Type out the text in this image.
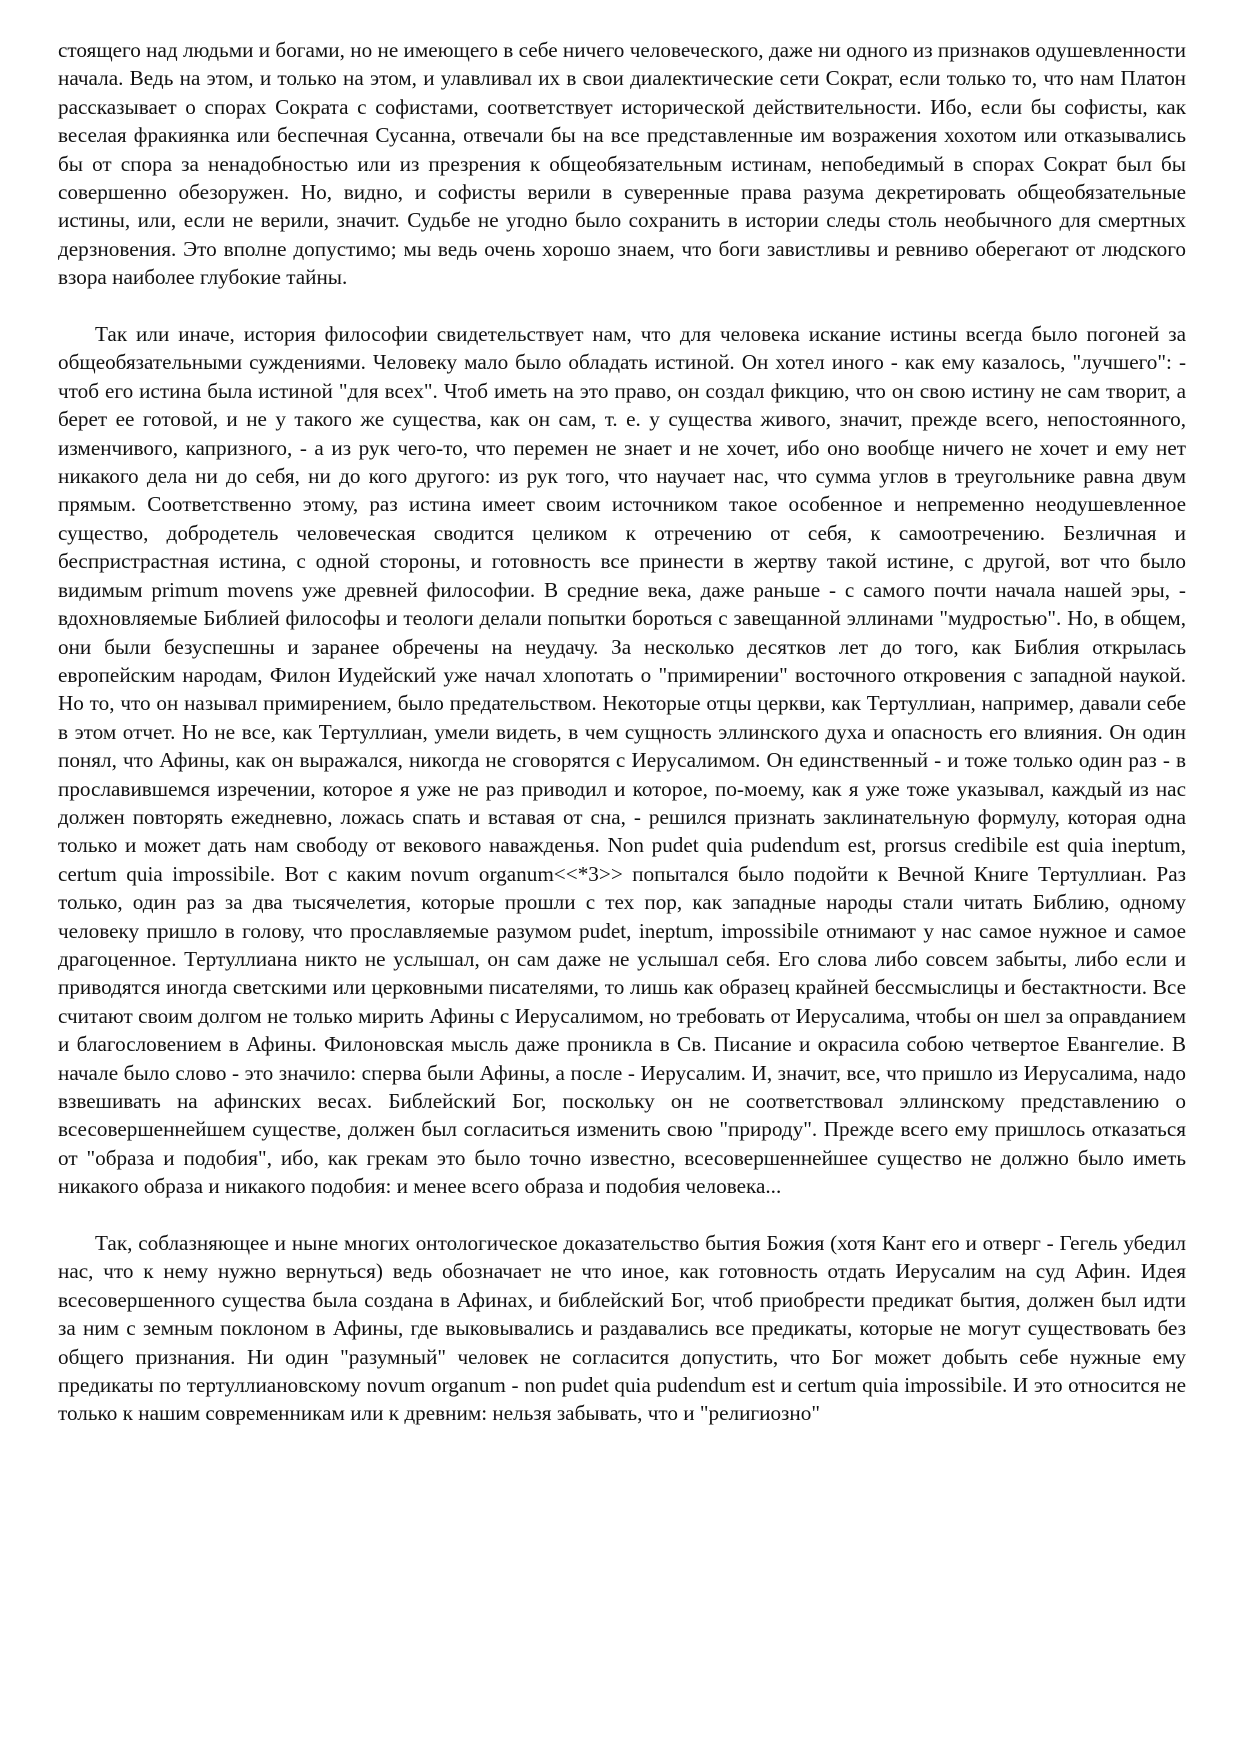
стоящего над людьми и богами, но не имеющего в себе ничего человеческого, даже ни одного из признаков одушевленности начала. Ведь на этом, и только на этом, и улавливал их в свои диалектические сети Сократ, если только то, что нам Платон рассказывает о спорах Сократа с софистами, соответствует исторической действительности. Ибо, если бы софисты, как веселая фракиянка или беспечная Сусанна, отвечали бы на все представленные им возражения хохотом или отказывались бы от спора за ненадобностью или из презрения к общеобязательным истинам, непобедимый в спорах Сократ был бы совершенно обезоружен. Но, видно, и софисты верили в суверенные права разума декретировать общеобязательные истины, или, если не верили, значит. Судьбе не угодно было сохранить в истории следы столь необычного для смертных дерзновения. Это вполне допустимо; мы ведь очень хорошо знаем, что боги завистливы и ревниво оберегают от людского взора наиболее глубокие тайны.

Так или иначе, история философии свидетельствует нам, что для человека искание истины всегда было погоней за общеобязательными суждениями. Человеку мало было обладать истиной. Он хотел иного - как ему казалось, "лучшего": - чтоб его истина была истиной "для всех". Чтоб иметь на это право, он создал фикцию, что он свою истину не сам творит, а берет ее готовой, и не у такого же существа, как он сам, т. е. у существа живого, значит, прежде всего, непостоянного, изменчивого, капризного, - а из рук чего-то, что перемен не знает и не хочет, ибо оно вообще ничего не хочет и ему нет никакого дела ни до себя, ни до кого другого: из рук того, что научает нас, что сумма углов в треугольнике равна двум прямым. Соответственно этому, раз истина имеет своим источником такое особенное и непременно неодушевленное существо, добродетель человеческая сводится целиком к отречению от себя, к самоотречению. Безличная и беспристрастная истина, с одной стороны, и готовность все принести в жертву такой истине, с другой, вот что было видимым primum movens уже древней философии. В средние века, даже раньше - с самого почти начала нашей эры, - вдохновляемые Библией философы и теологи делали попытки бороться с завещанной эллинами "мудростью". Но, в общем, они были безуспешны и заранее обречены на неудачу. За несколько десятков лет до того, как Библия открылась европейским народам, Филон Иудейский уже начал хлопотать о "примирении" восточного откровения с западной наукой. Но то, что он называл примирением, было предательством. Некоторые отцы церкви, как Тертуллиан, например, давали себе в этом отчет. Но не все, как Тертуллиан, умели видеть, в чем сущность эллинского духа и опасность его влияния. Он один понял, что Афины, как он выражался, никогда не сговорятся с Иерусалимом. Он единственный - и тоже только один раз - в прославившемся изречении, которое я уже не раз приводил и которое, по-моему, как я уже тоже указывал, каждый из нас должен повторять ежедневно, ложась спать и вставая от сна, - решился признать заклинательную формулу, которая одна только и может дать нам свободу от векового наважденья. Non pudet quia pudendum est, prorsus credibile est quia ineptum, certum quia impossibile. Вот с каким novum organum<<*3>> попытался было подойти к Вечной Книге Тертуллиан. Раз только, один раз за два тысячелетия, которые прошли с тех пор, как западные народы стали читать Библию, одному человеку пришло в голову, что прославляемые разумом pudet, ineptum, impossibile отнимают у нас самое нужное и самое драгоценное. Тертуллиана никто не услышал, он сам даже не услышал себя. Его слова либо совсем забыты, либо если и приводятся иногда светскими или церковными писателями, то лишь как образец крайней бессмыслицы и бестактности. Все считают своим долгом не только мирить Афины с Иерусалимом, но требовать от Иерусалима, чтобы он шел за оправданием и благословением в Афины. Филоновская мысль даже проникла в Св. Писание и окрасила собою четвертое Евангелие. В начале было слово - это значило: сперва были Афины, а после - Иерусалим. И, значит, все, что пришло из Иерусалима, надо взвешивать на афинских весах. Библейский Бог, поскольку он не соответствовал эллинскому представлению о всесовершеннейшем существе, должен был согласиться изменить свою "природу". Прежде всего ему пришлось отказаться от "образа и подобия", ибо, как грекам это было точно известно, всесовершеннейшее существо не должно было иметь никакого образа и никакого подобия: и менее всего образа и подобия человека...

Так, соблазняющее и ныне многих онтологическое доказательство бытия Божия (хотя Кант его и отверг - Гегель убедил нас, что к нему нужно вернуться) ведь обозначает не что иное, как готовность отдать Иерусалим на суд Афин. Идея всесовершенного существа была создана в Афинах, и библейский Бог, чтоб приобрести предикат бытия, должен был идти за ним с земным поклоном в Афины, где выковывались и раздавались все предикаты, которые не могут существовать без общего признания. Ни один "разумный" человек не согласится допустить, что Бог может добыть себе нужные ему предикаты по тертуллиановскому novum organum - non pudet quia pudendum est и certum quia impossibile. И это относится не только к нашим современникам или к древним: нельзя забывать, что и "религиозно"
